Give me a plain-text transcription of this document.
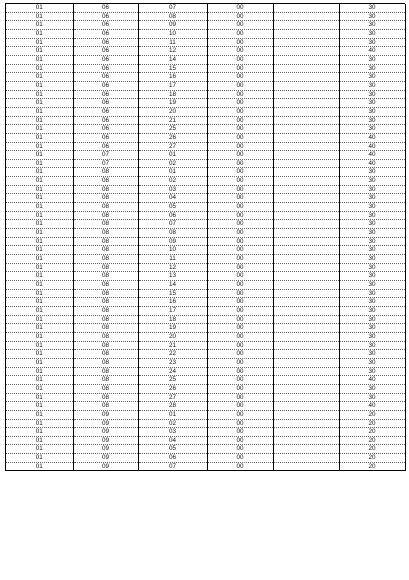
01	06	07	00		30
01	06	08	00		30
01	06	09	00		30
01	06	10	00		30
01	06	11	00		30
01	06	12	00		40
01	06	14	00		30
01	06	15	00		30
01	06	16	00		30
01	06	17	00		30
01	06	18	00		30
01	06	19	00		30
01	06	20	00		30
01	06	21	00		30
01	06	25	00		30
01	06	26	00		40
01	06	27	00		40
01	07	01	00		40
01	07	02	00		40
01	08	01	00		30
01	08	02	00		30
01	08	03	00		30
01	08	04	00		30
01	08	05	00		30
01	08	06	00		30
01	08	07	00		30
01	08	08	00		30
01	08	09	00		30
01	08	10	00		30
01	08	11	00		30
01	08	12	00		30
01	08	13	00		30
01	08	14	00		30
01	08	15	00		30
01	08	16	00		30
01	08	17	00		30
01	08	18	00		30
01	08	19	00		30
01	08	20	00		30
01	08	21	00		30
01	08	22	00		30
01	08	23	00		30
01	08	24	00		30
01	08	25	00		40
01	08	26	00		30
01	08	27	00		30
01	08	28	00		40
01	09	01	00		20
01	09	02	00		20
01	09	03	00		20
01	09	04	00		20
01	09	05	00		20
01	09	06	00		20
01	09	07	00		20
